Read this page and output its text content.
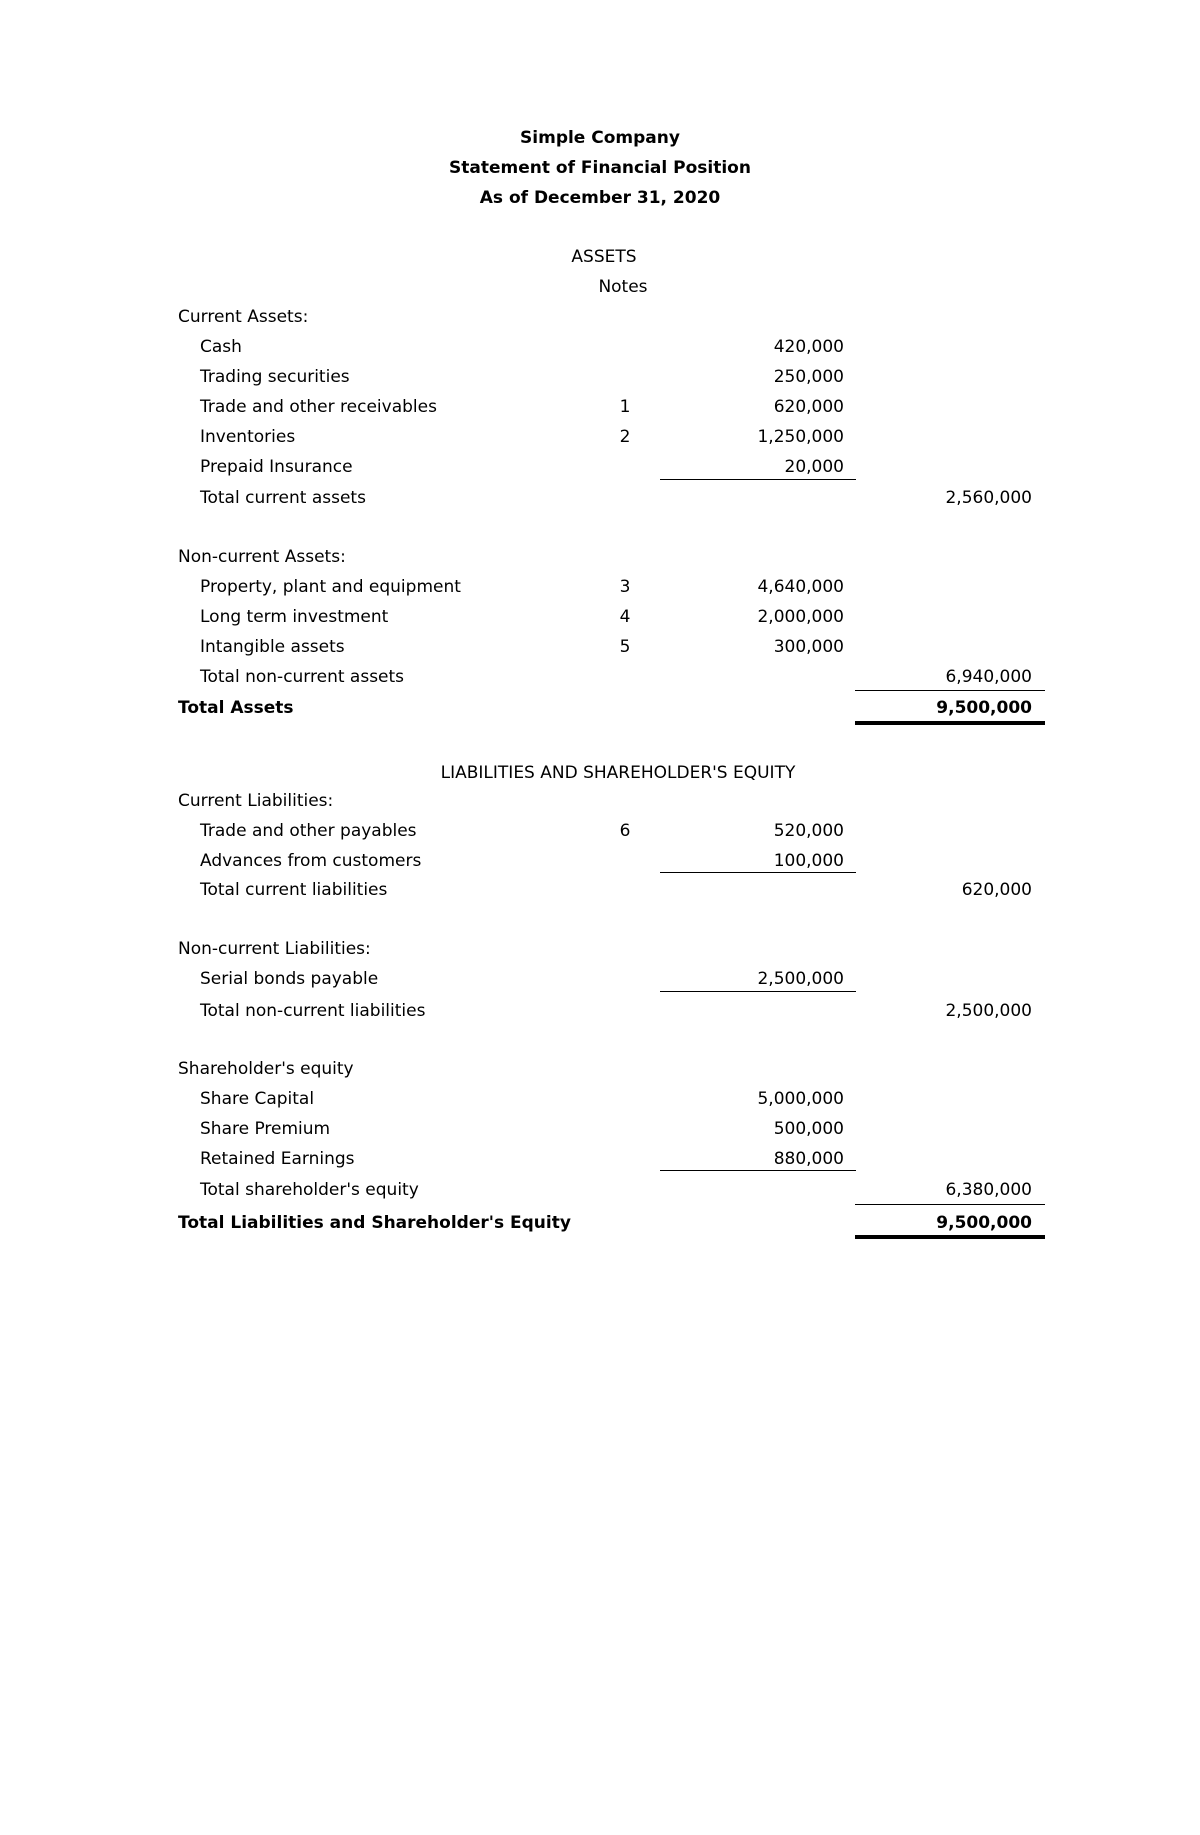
Simple Company
Statement of Financial Position
As of December 31, 2020
ASSETS
Notes
Current Assets:
Cash	420,000
Trading securities	250,000
Trade and other receivables	1	620,000
Inventories	2	1,250,000
Prepaid Insurance	20,000
Total current assets	2,560,000
Non-current Assets:
Property, plant and equipment	3	4,640,000
Long term investment	4	2,000,000
Intangible assets	5	300,000
Total non-current assets	6,940,000
Total Assets	9,500,000
LIABILITIES AND SHAREHOLDER'S EQUITY
Current Liabilities:
Trade and other payables	6	520,000
Advances from customers	100,000
Total current liabilities	620,000
Non-current Liabilities:
Serial bonds payable	2,500,000
Total non-current liabilities	2,500,000
Shareholder's equity
Share Capital	5,000,000
Share Premium	500,000
Retained Earnings	880,000
Total shareholder's equity	6,380,000
Total Liabilities and Shareholder's Equity	9,500,000
